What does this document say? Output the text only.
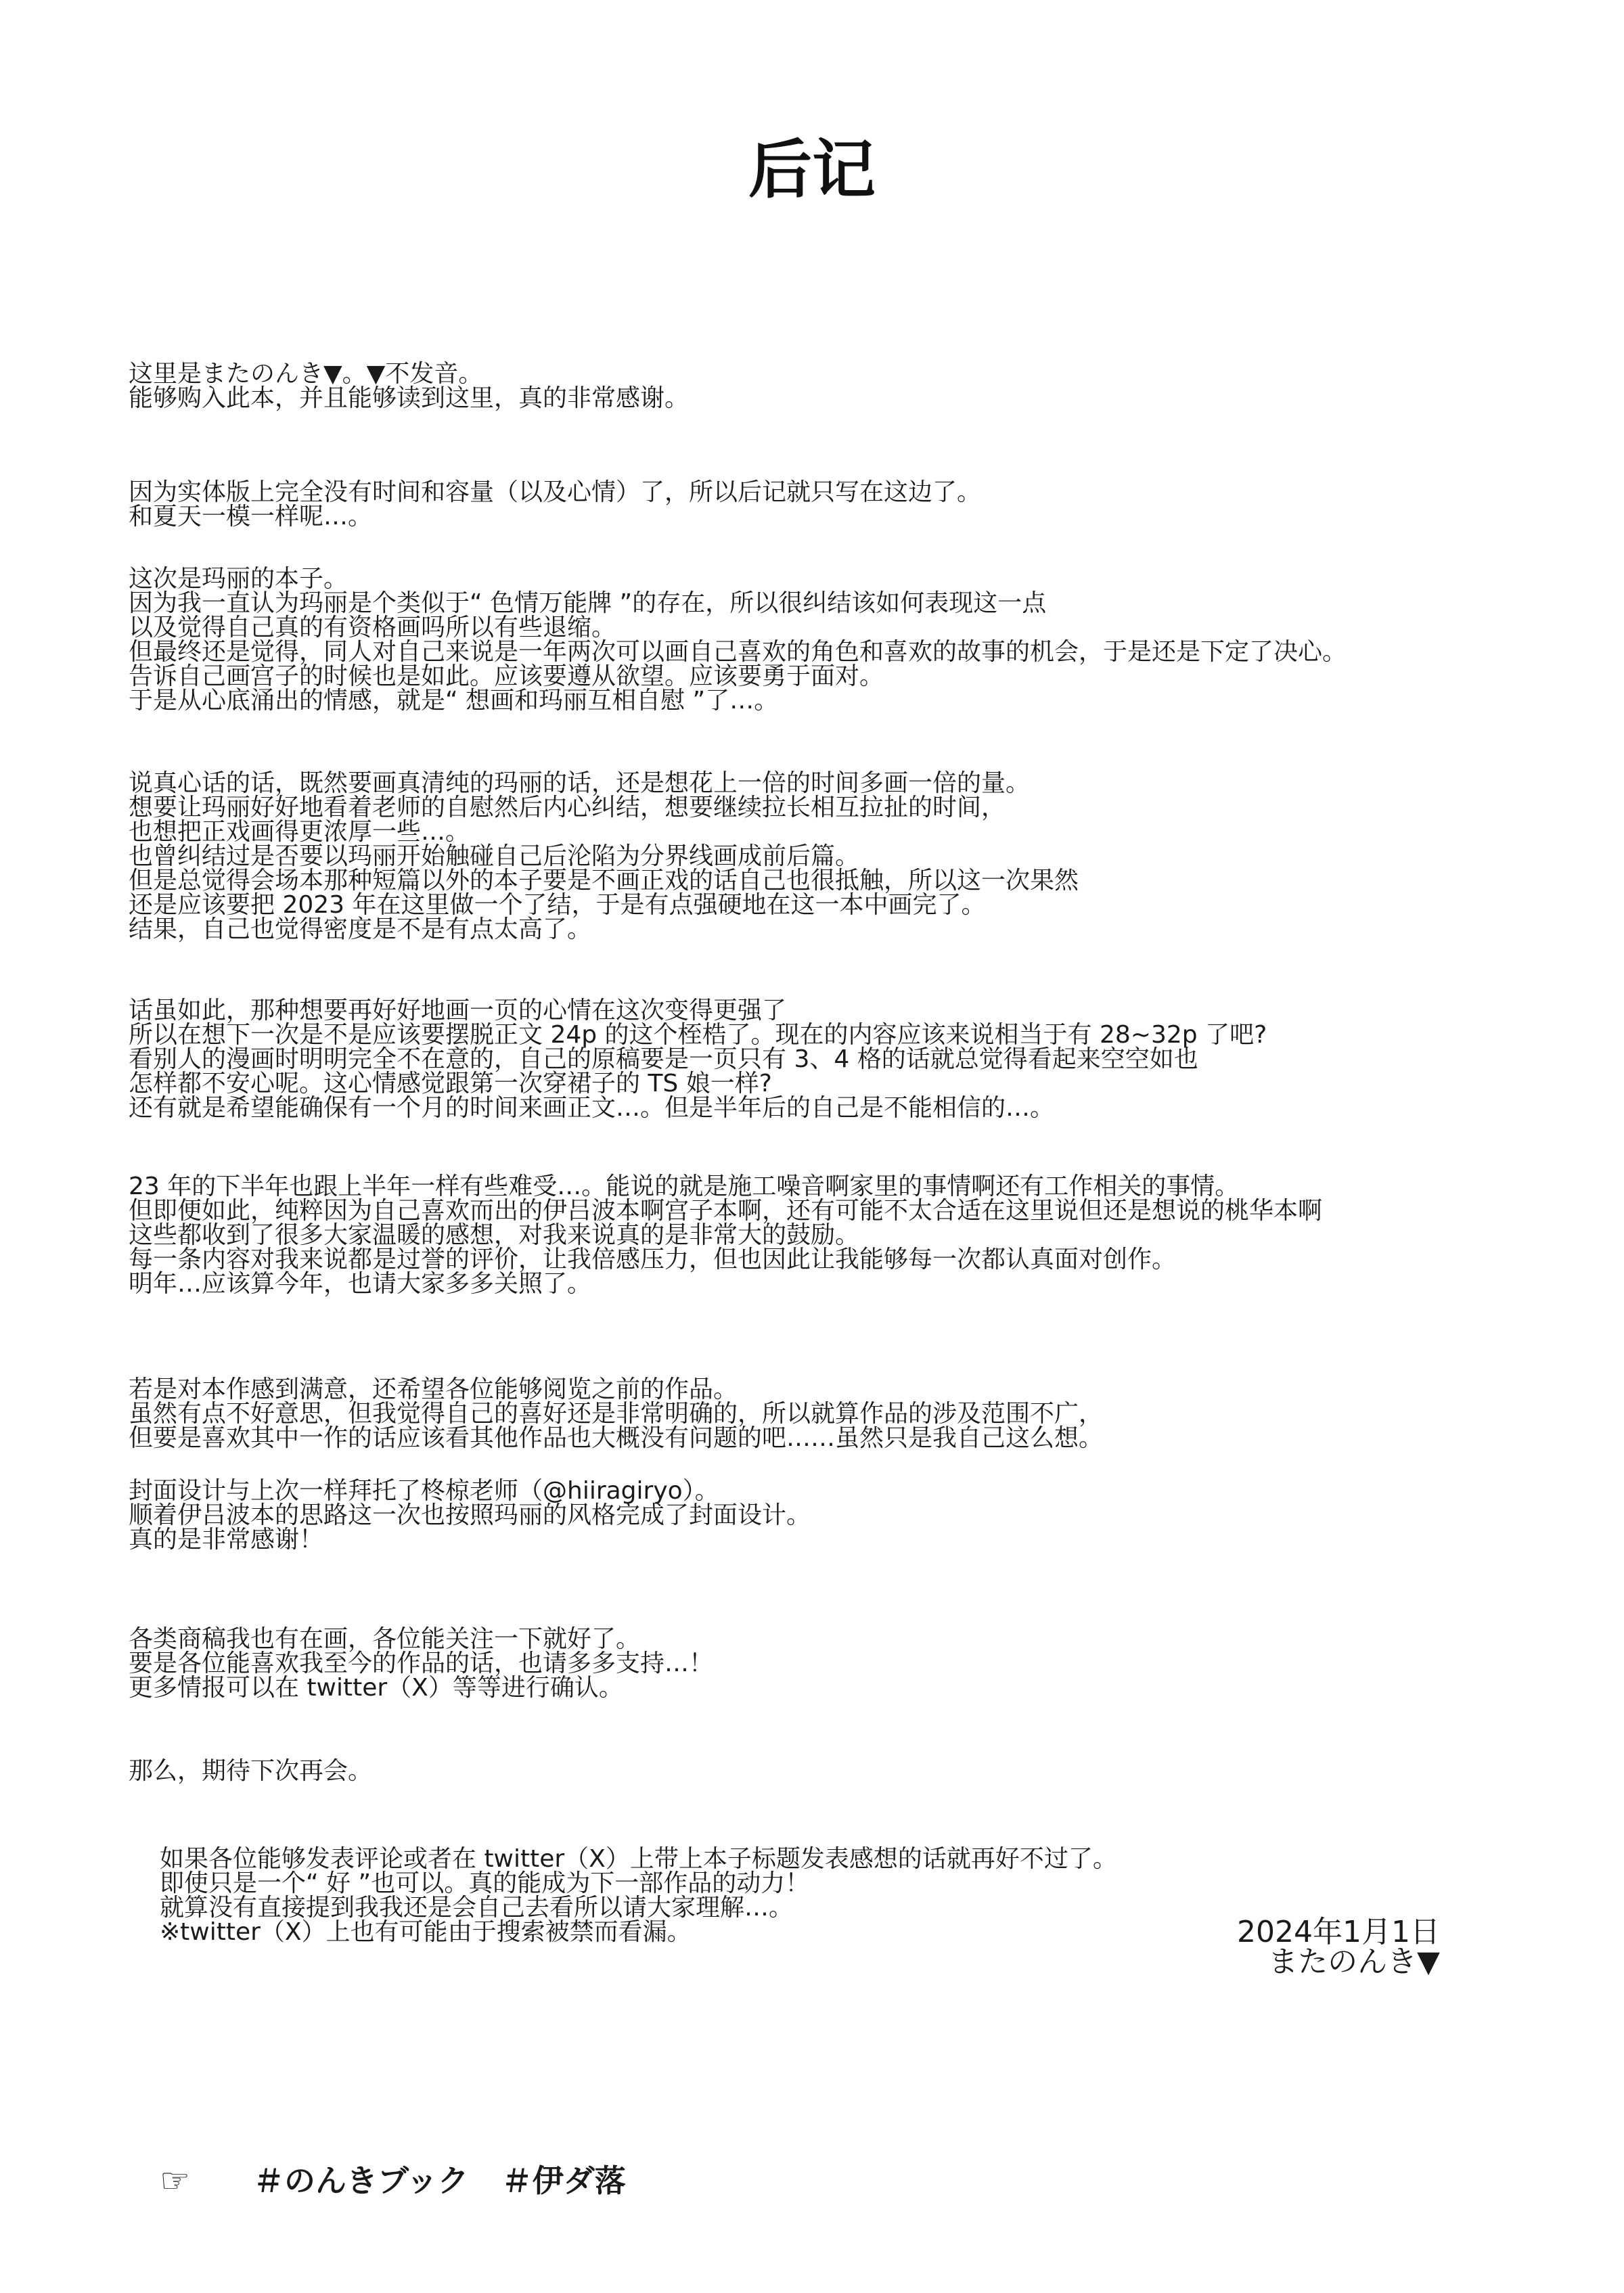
后记
这里是またのんき▼。▼不发音。
能够购入此本，并且能够读到这里，真的非常感谢。
因为实体版上完全没有时间和容量（以及心情）了，所以后记就只写在这边了。
和夏天一模一样呢…。
这次是玛丽的本子。
因为我一直认为玛丽是个类似于“ 色情万能牌 ”的存在，所以很纠结该如何表现这一点
以及觉得自己真的有资格画吗所以有些退缩。
但最终还是觉得，同人对自己来说是一年两次可以画自己喜欢的角色和喜欢的故事的机会，于是还是下定了决心。
告诉自己画宫子的时候也是如此。应该要遵从欲望。应该要勇于面对。
于是从心底涌出的情感，就是“ 想画和玛丽互相自慰 ”了…。
说真心话的话，既然要画真清纯的玛丽的话，还是想花上一倍的时间多画一倍的量。
想要让玛丽好好地看着老师的自慰然后内心纠结，想要继续拉长相互拉扯的时间，
也想把正戏画得更浓厚一些…。
也曾纠结过是否要以玛丽开始触碰自己后沦陷为分界线画成前后篇。
但是总觉得会场本那种短篇以外的本子要是不画正戏的话自己也很抵触，所以这一次果然
还是应该要把 2023 年在这里做一个了结，于是有点强硬地在这一本中画完了。
结果，自己也觉得密度是不是有点太高了。
话虽如此，那种想要再好好地画一页的心情在这次变得更强了
所以在想下一次是不是应该要摆脱正文 24p 的这个桎梏了。现在的内容应该来说相当于有 28~32p 了吧?
看别人的漫画时明明完全不在意的，自己的原稿要是一页只有 3、4 格的话就总觉得看起来空空如也
怎样都不安心呢。这心情感觉跟第一次穿裙子的 TS 娘一样?
还有就是希望能确保有一个月的时间来画正文…。但是半年后的自己是不能相信的…。
23 年的下半年也跟上半年一样有些难受…。能说的就是施工噪音啊家里的事情啊还有工作相关的事情。
但即便如此，纯粹因为自己喜欢而出的伊吕波本啊宫子本啊，还有可能不太合适在这里说但还是想说的桃华本啊
这些都收到了很多大家温暖的感想，对我来说真的是非常大的鼓励。
每一条内容对我来说都是过誉的评价，让我倍感压力，但也因此让我能够每一次都认真面对创作。
明年…应该算今年，也请大家多多关照了。
若是对本作感到满意，还希望各位能够阅览之前的作品。
虽然有点不好意思，但我觉得自己的喜好还是非常明确的，所以就算作品的涉及范围不广，
但要是喜欢其中一作的话应该看其他作品也大概没有问题的吧……虽然只是我自己这么想。
封面设计与上次一样拜托了柊椋老师（@hiiragiryo）。
顺着伊吕波本的思路这一次也按照玛丽的风格完成了封面设计。
真的是非常感谢！
各类商稿我也有在画，各位能关注一下就好了。
要是各位能喜欢我至今的作品的话，也请多多支持…！
更多情报可以在 twitter（X）等等进行确认。
那么，期待下次再会。
2024年1月1日
またのんき▼
如果各位能够发表评论或者在 twitter（X）上带上本子标题发表感想的话就再好不过了。
即使只是一个“ 好 ”也可以。真的能成为下一部作品的动力！
就算没有直接提到我我还是会自己去看所以请大家理解…。
※twitter（X）上也有可能由于搜索被禁而看漏。
☞	＃のんきブック ＃伊ダ落
